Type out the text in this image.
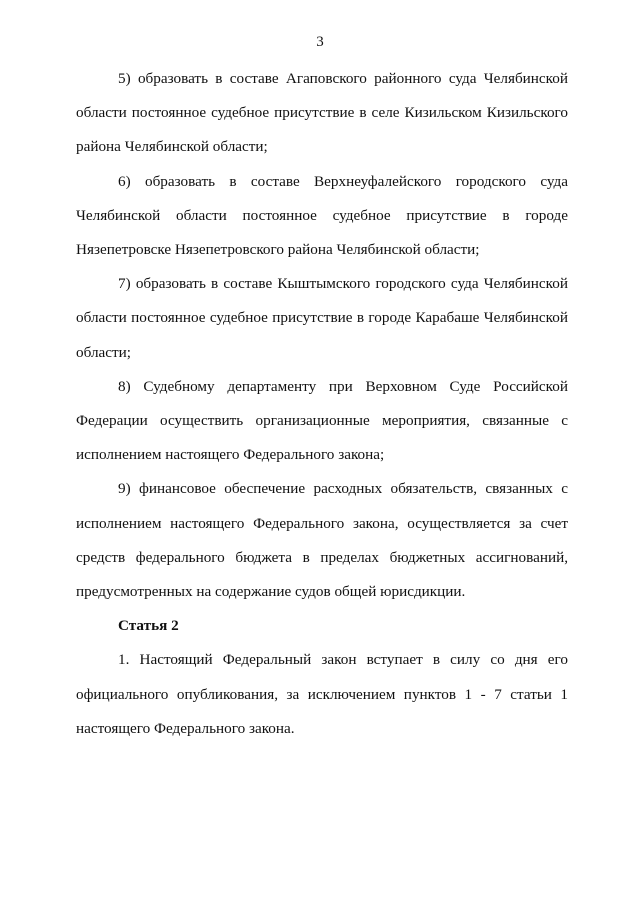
3

5) образовать в составе Агаповского районного суда Челябинской области постоянное судебное присутствие в селе Кизильском Кизильского района Челябинской области;

6) образовать в составе Верхнеуфалейского городского суда Челябинской области постоянное судебное присутствие в городе Нязепетровске Нязепетровского района Челябинской области;

7) образовать в составе Кыштымского городского суда Челябинской области постоянное судебное присутствие в городе Карабаше Челябинской области;

8) Судебному департаменту при Верховном Суде Российской Федерации осуществить организационные мероприятия, связанные с исполнением настоящего Федерального закона;

9) финансовое обеспечение расходных обязательств, связанных с исполнением настоящего Федерального закона, осуществляется за счет средств федерального бюджета в пределах бюджетных ассигнований, предусмотренных на содержание судов общей юрисдикции.

Статья 2

1. Настоящий Федеральный закон вступает в силу со дня его официального опубликования, за исключением пунктов 1 - 7 статьи 1 настоящего Федерального закона.
